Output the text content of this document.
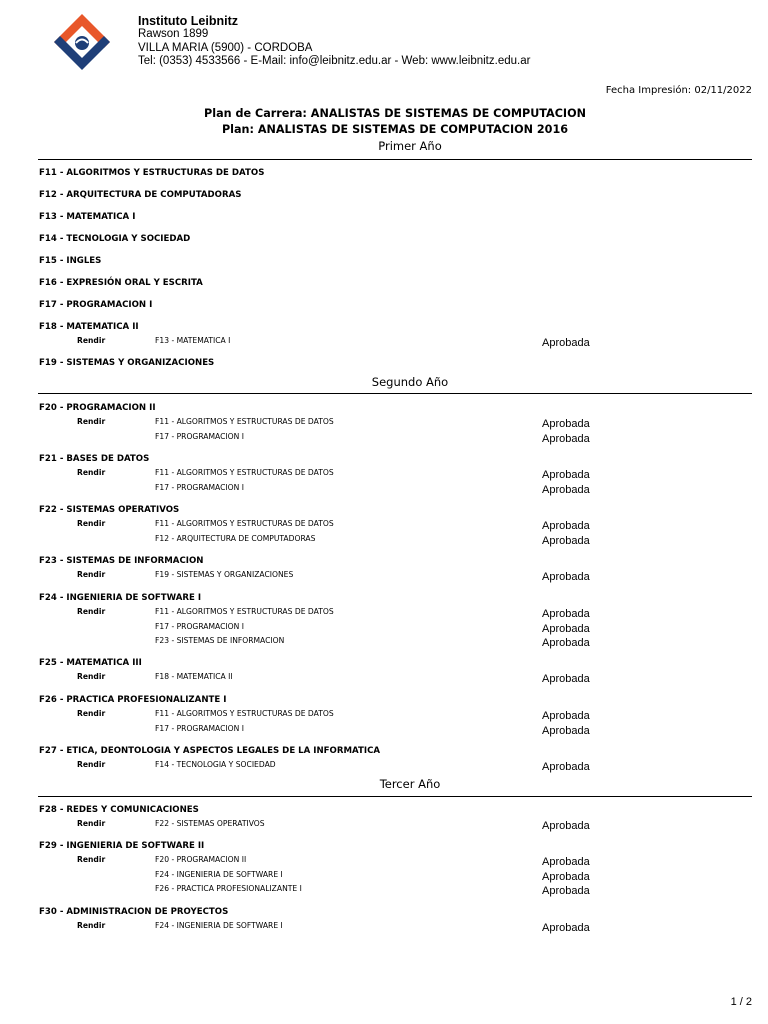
Instituto Leibnitz
Rawson 1899
VILLA MARIA (5900) - CORDOBA
Tel: (0353) 4533566 - E-Mail: info@leibnitz.edu.ar - Web: www.leibnitz.edu.ar
Fecha Impresión: 02/11/2022
Plan de Carrera: ANALISTAS DE SISTEMAS DE COMPUTACION
Plan: ANALISTAS DE SISTEMAS DE COMPUTACION 2016
Primer Año
F11 - ALGORITMOS Y ESTRUCTURAS DE DATOS
F12 - ARQUITECTURA DE COMPUTADORAS
F13 - MATEMATICA I
F14 - TECNOLOGIA Y SOCIEDAD
F15 - INGLES
F16 - EXPRESIÓN ORAL Y ESCRITA
F17 - PROGRAMACION I
F18 - MATEMATICA II
Rendir	F13 - MATEMATICA I	Aprobada
F19 - SISTEMAS Y ORGANIZACIONES
Segundo Año
F20 - PROGRAMACION II
Rendir	F11 - ALGORITMOS Y ESTRUCTURAS DE DATOS	Aprobada
F17 - PROGRAMACION I	Aprobada
F21 - BASES DE DATOS
Rendir	F11 - ALGORITMOS Y ESTRUCTURAS DE DATOS	Aprobada
F17 - PROGRAMACION I	Aprobada
F22 - SISTEMAS OPERATIVOS
Rendir	F11 - ALGORITMOS Y ESTRUCTURAS DE DATOS	Aprobada
F12 - ARQUITECTURA DE COMPUTADORAS	Aprobada
F23 - SISTEMAS DE INFORMACION
Rendir	F19 - SISTEMAS Y ORGANIZACIONES	Aprobada
F24 - INGENIERIA DE SOFTWARE I
Rendir	F11 - ALGORITMOS Y ESTRUCTURAS DE DATOS	Aprobada
F17 - PROGRAMACION I	Aprobada
F23 - SISTEMAS DE INFORMACION	Aprobada
F25 - MATEMATICA III
Rendir	F18 - MATEMATICA II	Aprobada
F26 - PRACTICA PROFESIONALIZANTE I
Rendir	F11 - ALGORITMOS Y ESTRUCTURAS DE DATOS	Aprobada
F17 - PROGRAMACION I	Aprobada
F27 - ETICA, DEONTOLOGIA Y ASPECTOS LEGALES DE LA INFORMATICA
Rendir	F14 - TECNOLOGIA Y SOCIEDAD	Aprobada
Tercer Año
F28 - REDES Y COMUNICACIONES
Rendir	F22 - SISTEMAS OPERATIVOS	Aprobada
F29 - INGENIERIA DE SOFTWARE II
Rendir	F20 - PROGRAMACION II	Aprobada
F24 - INGENIERIA DE SOFTWARE I	Aprobada
F26 - PRACTICA PROFESIONALIZANTE I	Aprobada
F30 - ADMINISTRACION DE PROYECTOS
Rendir	F24 - INGENIERIA DE SOFTWARE I	Aprobada
1 / 2
